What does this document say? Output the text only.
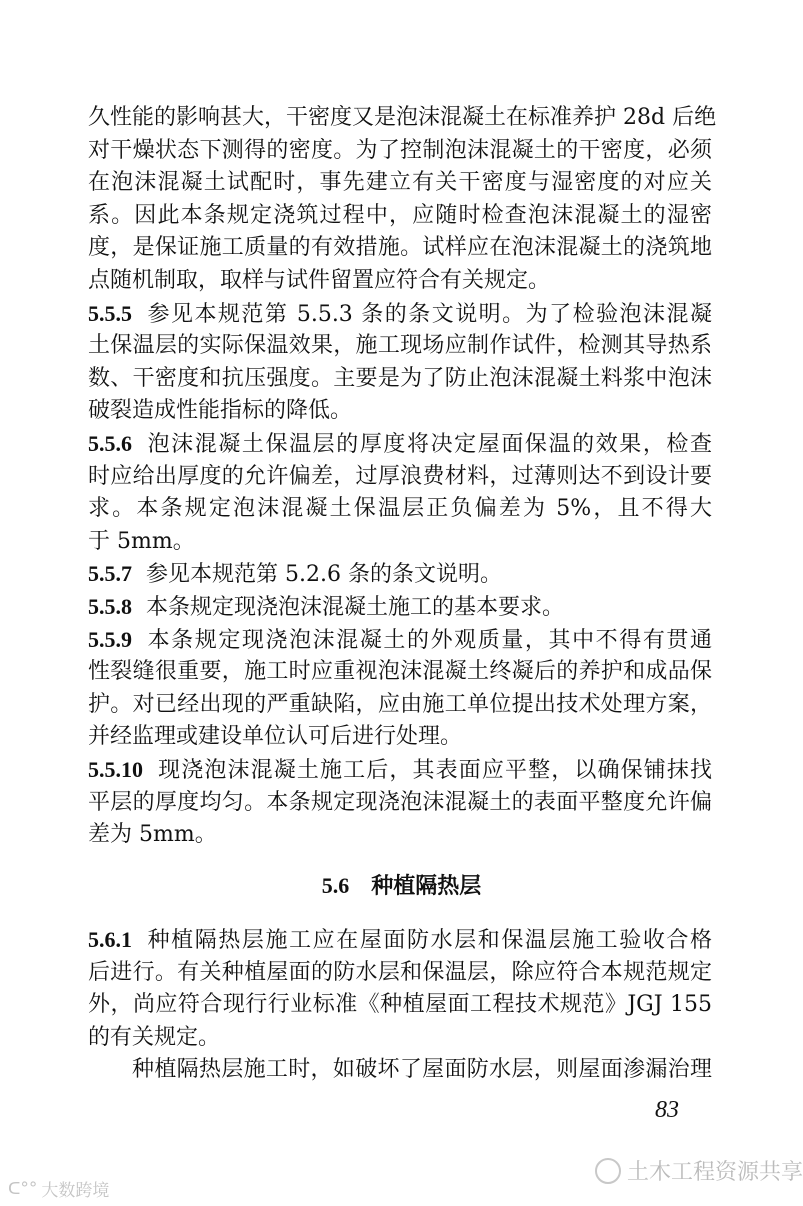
久性能的影响甚大，干密度又是泡沫混凝土在标准养护 28d 后绝
对干燥状态下测得的密度。为了控制泡沫混凝土的干密度，必须
在泡沫混凝土试配时，事先建立有关干密度与湿密度的对应关
系。因此本条规定浇筑过程中，应随时检查泡沫混凝土的湿密
度，是保证施工质量的有效措施。试样应在泡沫混凝土的浇筑地
点随机制取，取样与试件留置应符合有关规定。
5.5.5 参见本规范第 5.5.3 条的条文说明。为了检验泡沫混凝
土保温层的实际保温效果，施工现场应制作试件，检测其导热系
数、干密度和抗压强度。主要是为了防止泡沫混凝土料浆中泡沫
破裂造成性能指标的降低。
5.5.6 泡沫混凝土保温层的厚度将决定屋面保温的效果，检查
时应给出厚度的允许偏差，过厚浪费材料，过薄则达不到设计要
求。本条规定泡沫混凝土保温层正负偏差为 5%，且不得大
于 5mm。
5.5.7 参见本规范第 5.2.6 条的条文说明。
5.5.8 本条规定现浇泡沫混凝土施工的基本要求。
5.5.9 本条规定现浇泡沫混凝土的外观质量，其中不得有贯通
性裂缝很重要，施工时应重视泡沫混凝土终凝后的养护和成品保
护。对已经出现的严重缺陷，应由施工单位提出技术处理方案，
并经监理或建设单位认可后进行处理。
5.5.10 现浇泡沫混凝土施工后，其表面应平整，以确保铺抹找
平层的厚度均匀。本条规定现浇泡沫混凝土的表面平整度允许偏
差为 5mm。
5.6.1 种植隔热层施工应在屋面防水层和保温层施工验收合格
后进行。有关种植屋面的防水层和保温层，除应符合本规范规定
外，尚应符合现行行业标准《种植屋面工程技术规范》JGJ 155
的有关规定。
种植隔热层施工时，如破坏了屋面防水层，则屋面渗漏治理
5.6 种植隔热层
83
土木工程资源共享
ᑕ°° 大数跨境
